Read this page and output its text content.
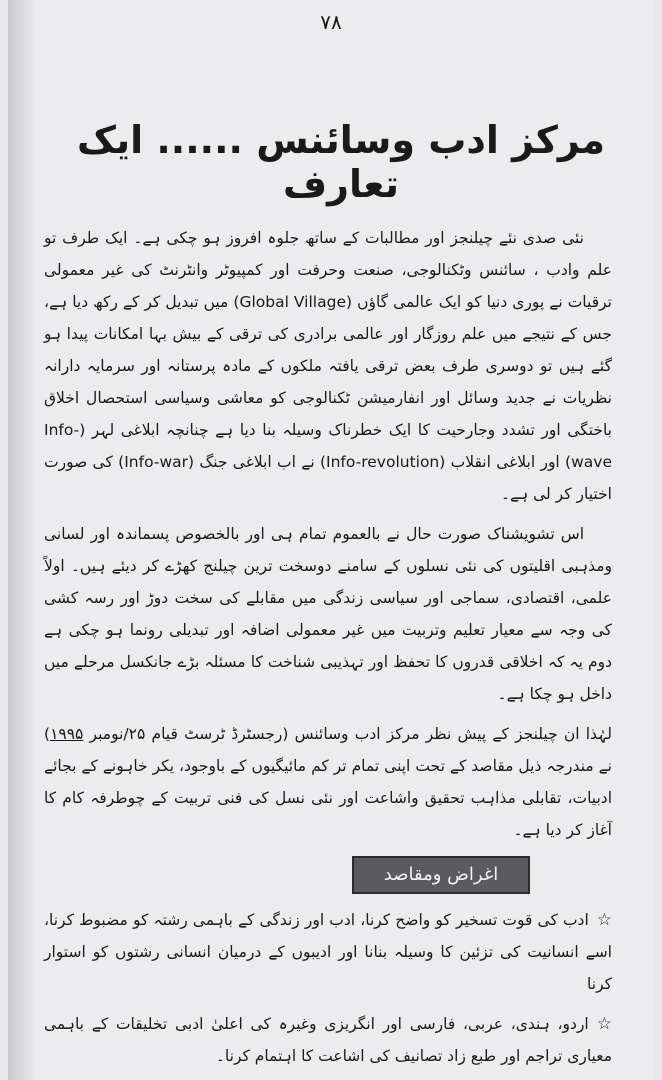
۷۸
مرکز ادب وسائنس ...... ایک تعارف

نئی صدی نئے چیلنجز اور مطالبات کے ساتھ جلوہ افروز ہو چکی ہے۔ ایک طرف تو علم وادب ، سائنس وٹکنالوجی، صنعت وحرفت اور کمپیوٹر وانٹرنٹ کی غیر معمولی ترقیات نے پوری دنیا کو ایک عالمی گاؤں (Global Village) میں تبدیل کر کے رکھ دیا ہے، جس کے نتیجے میں علم روزگار اور عالمی برادری کی ترقی کے بیش بہا امکانات پیدا ہو گئے ہیں تو دوسری طرف بعض ترقی یافتہ ملکوں کے مادہ پرستانہ اور سرمایہ دارانہ نظریات نے جدید وسائل اور انفارمیشن ٹکنالوجی کو معاشی وسیاسی استحصال اخلاق باختگی اور تشدد وجارحیت کا ایک خطرناک وسیلہ بنا دیا ہے چنانچہ ابلاغی لہر (Info-wave) اور ابلاغی انقلاب (Info-revolution) نے اب ابلاغی جنگ (Info-war) کی صورت اختیار کر لی ہے۔

اس تشویشناک صورت حال نے بالعموم تمام ہی اور بالخصوص پسماندہ اور لسانی ومذہبی اقلیتوں کی نئی نسلوں کے سامنے دوسخت ترین چیلنج کھڑے کر دیئے ہیں۔ اولاً علمی، اقتصادی، سماجی اور سیاسی زندگی میں مقابلے کی سخت دوڑ اور رسہ کشی کی وجہ سے معیار تعلیم وتربیت میں غیر معمولی اضافہ اور تبدیلی رونما ہو چکی ہے دوم یہ کہ اخلاقی قدروں کا تحفظ اور تہذیبی شناخت کا مسئلہ بڑے جانکسل مرحلے میں داخل ہو چکا ہے۔

لہٰذا ان چیلنجز کے پیش نظر مرکز ادب وسائنس (رجسٹرڈ ٹرسٹ قیام ۲۵/نومبر ۱۹۹۵) نے مندرجہ ذیل مقاصد کے تحت اپنی تمام تر کم مائیگیوں کے باوجود، یکر خاہونے کے بجائے ادبیات، تقابلی مذاہب تحقیق واشاعت اور نئی نسل کی فنی تربیت کے چوطرفہ کام کا آغاز کر دیا ہے۔

اغراض ومقاصد

☆ادب کی قوت تسخیر کو واضح کرنا، ادب اور زندگی کے باہمی رشتہ کو مضبوط کرنا، اسے انسانیت کی تزئین کا وسیلہ بنانا اور ادیبوں کے درمیان انسانی رشتوں کو استوار کرنا

☆اردو، ہندی، عربی، فارسی اور انگریزی وغیرہ کی اعلیٰ ادبی تخلیقات کے باہمی معیاری تراجم اور طبع زاد تصانیف کی اشاعت کا اہتمام کرنا۔
